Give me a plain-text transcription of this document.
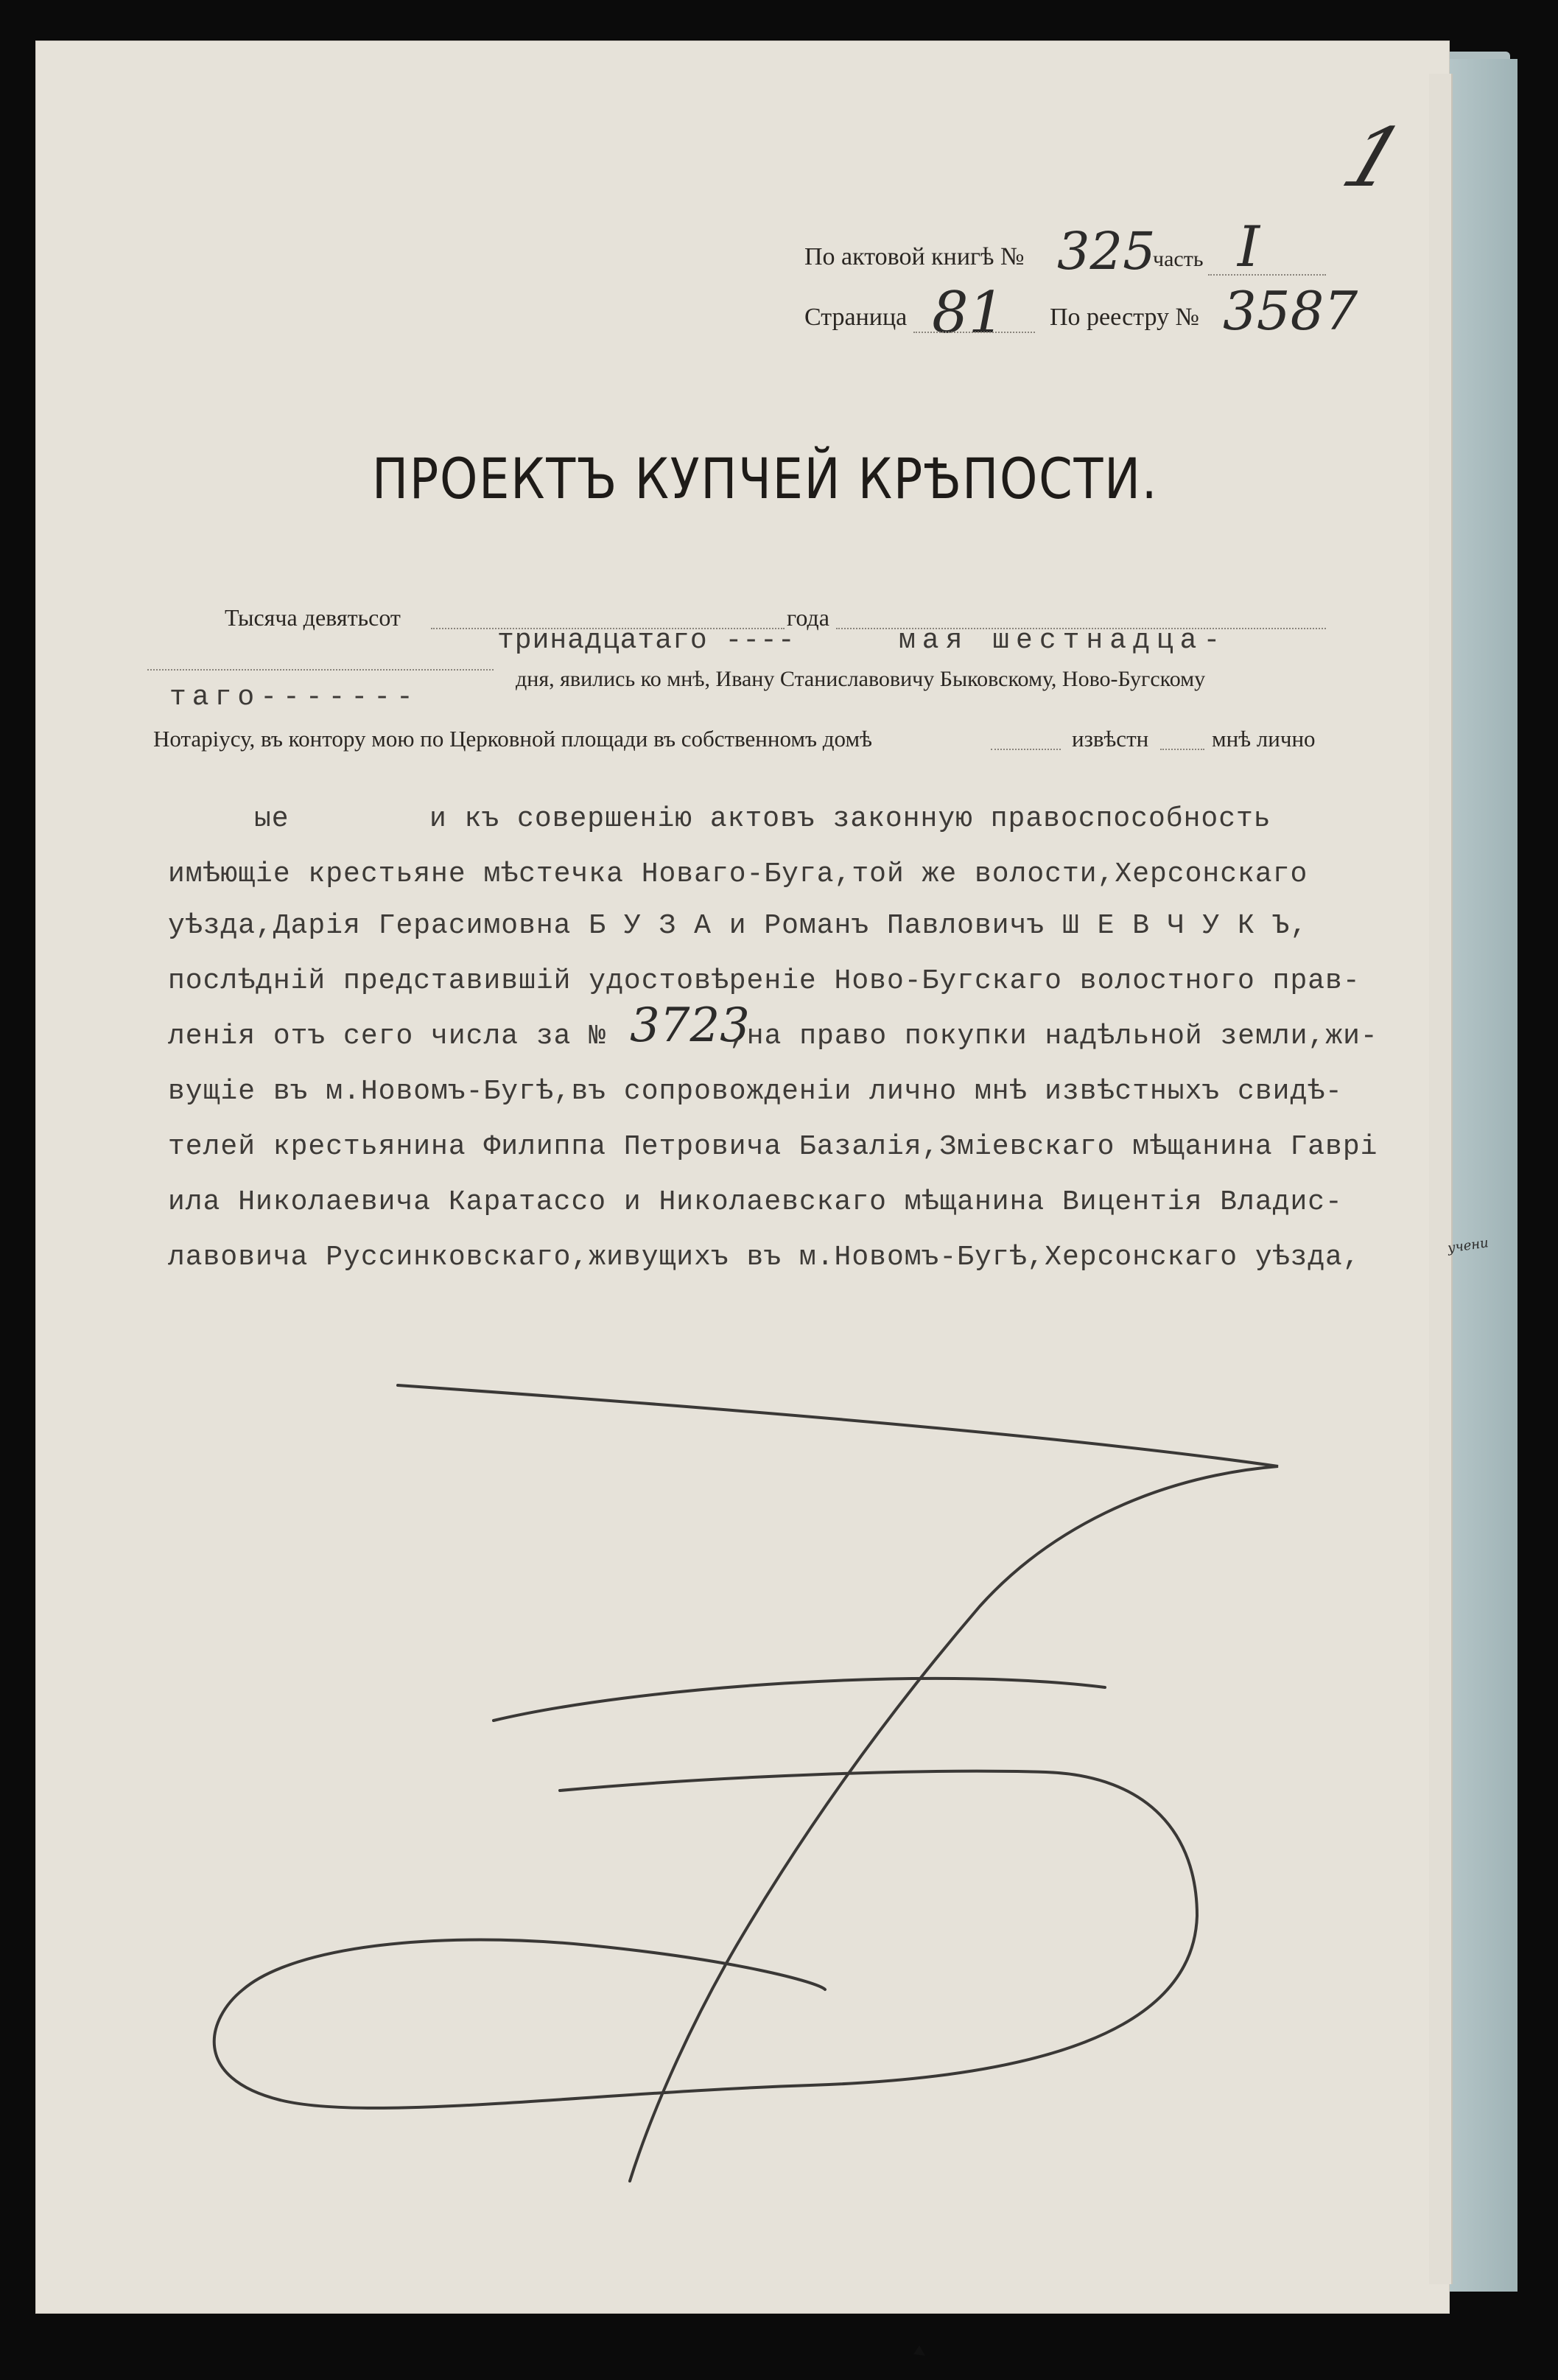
1
По актовой книгѣ № 325
часть I
Страница 81 По реестру № 3587
ПРОЕКТЪ КУПЧЕЙ КРѢПОСТИ.
Тысяча девятьсот
тринадцатаго ----
года
мая шестнадца-
дня, явились ко мнѣ, Ивану Станиславовичу Быковскому, Ново-Бугскому
таго-------
Нотаріусу, въ контору мою по Церковной площади въ собственномъ домѣ	извѣстн	мнѣ лично
ые        и къ совершенію актовъ законную правоспособность
имѣющіе крестьяне мѣстечка Новаго-Буга,той же волости,Херсонскаго
уѣзда,Дарія Герасимовна Б У З А и Романъ Павловичъ Ш Е В Ч У К Ъ,
послѣдній представившій удостовѣреніе Ново-Бугскаго волостного прав-
ленія отъ сего числа за № 3723
,на право покупки надѣльной земли,жи-
вущіе въ м.Новомъ-Бугѣ,въ сопровожденіи лично мнѣ извѣстныхъ свидѣ-
телей крестьянина Филиппа Петровича Базалія,Зміевскаго мѣщанина Гаврі
ила Николаевича Каратассо и Николаевскаго мѣщанина Вицентія Владис-
лавовича Руссинковскаго,живущихъ въ м.Новомъ-Бугѣ,Херсонскаго уѣзда,	учени
